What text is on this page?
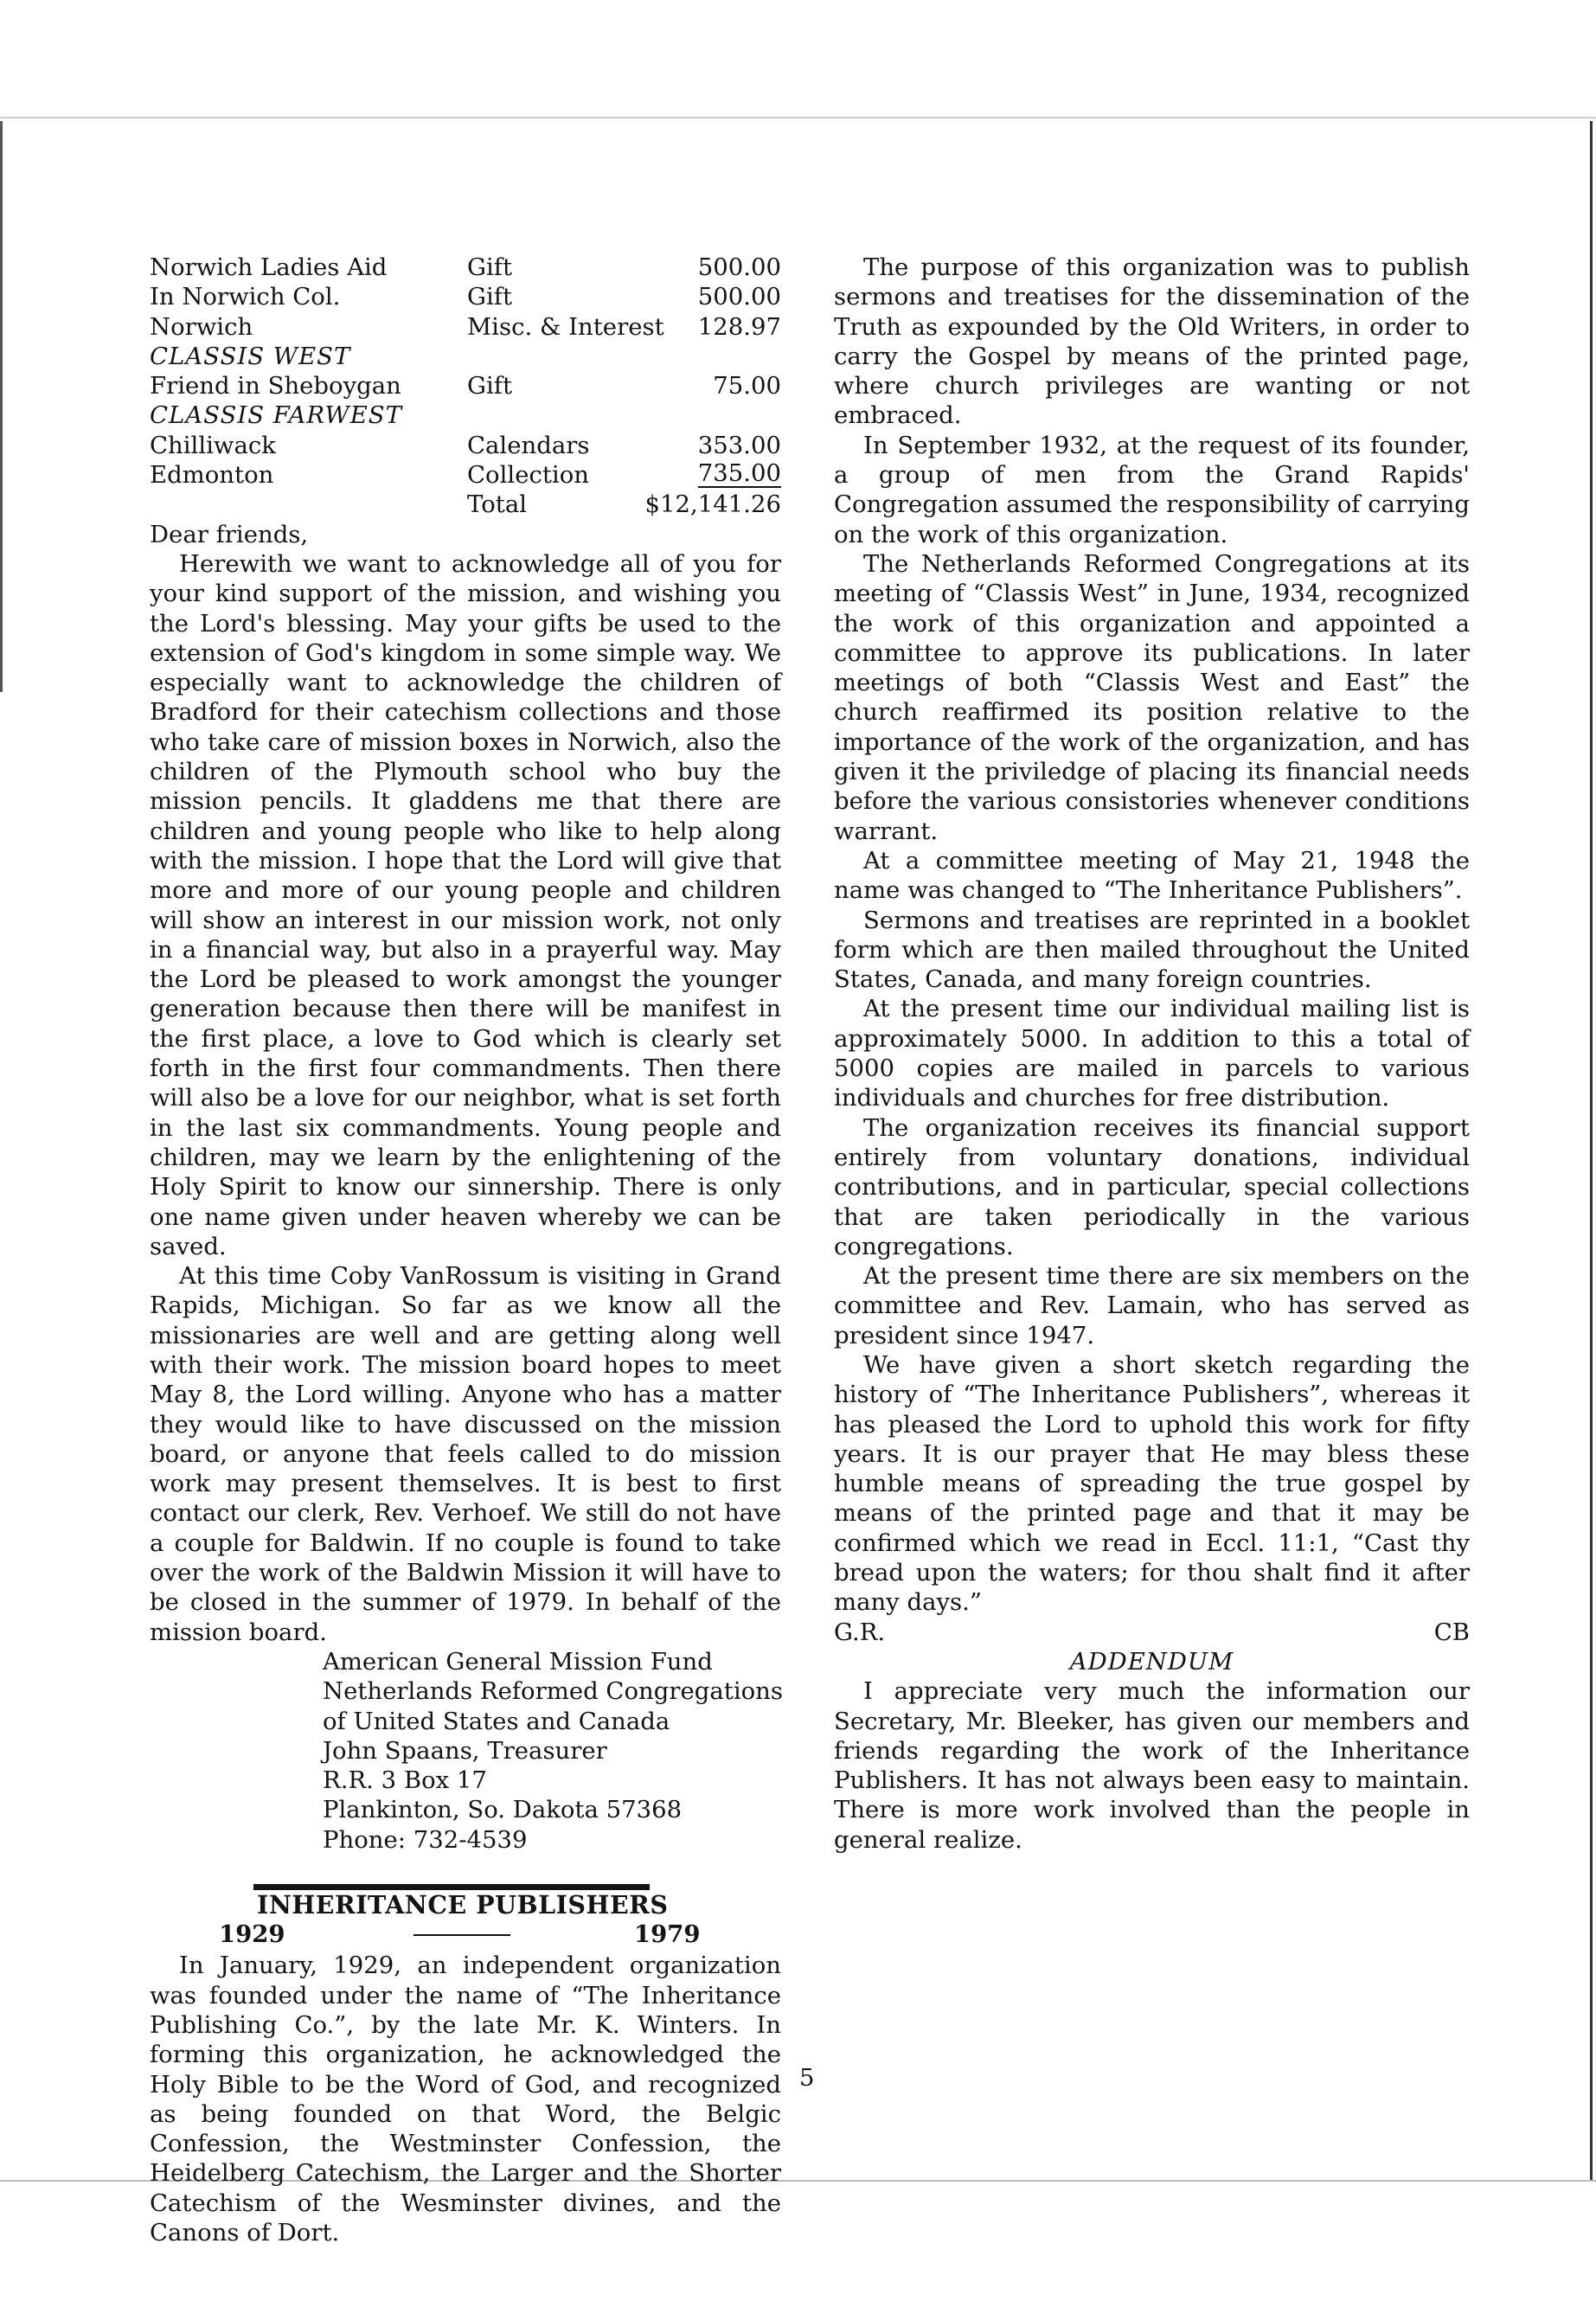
Norwich Ladies Aid	Gift	500.00
In Norwich Col.	Gift	500.00
Norwich	Misc. & Interest 128.97
CLASSIS WEST
Friend in Sheboygan	Gift	75.00
CLASSIS FARWEST
Chilliwack	Calendars	353.00
Edmonton	Collection	735.00
Total	$12,141.26

Dear friends,

Herewith we want to acknowledge all of you for your kind support of the mission, and wishing you the Lord's blessing. May your gifts be used to the extension of God's kingdom in some simple way. We especially want to acknowledge the children of Bradford for their catechism collections and those who take care of mission boxes in Norwich, also the children of the Plymouth school who buy the mission pencils. It gladdens me that there are children and young people who like to help along with the mission. I hope that the Lord will give that more and more of our young people and children will show an interest in our mission work, not only in a financial way, but also in a prayerful way. May the Lord be pleased to work amongst the younger generation because then there will be manifest in the first place, a love to God which is clearly set forth in the first four commandments. Then there will also be a love for our neighbor, what is set forth in the last six commandments. Young people and children, may we learn by the enlightening of the Holy Spirit to know our sinnership. There is only one name given under heaven whereby we can be saved.

At this time Coby VanRossum is visiting in Grand Rapids, Michigan. So far as we know all the missionaries are well and are getting along well with their work. The mission board hopes to meet May 8, the Lord willing. Anyone who has a matter they would like to have discussed on the mission board, or anyone that feels called to do mission work may present themselves. It is best to first contact our clerk, Rev. Verhoef. We still do not have a couple for Baldwin. If no couple is found to take over the work of the Baldwin Mission it will have to be closed in the summer of 1979. In behalf of the mission board.

American General Mission Fund
Netherlands Reformed Congregations
of United States and Canada
John Spaans, Treasurer
R.R. 3 Box 17
Plankinton, So. Dakota 57368
Phone: 732-4539
INHERITANCE PUBLISHERS
1929	1979

In January, 1929, an independent organization was founded under the name of “The Inheritance Publishing Co.”, by the late Mr. K. Winters. In forming this organization, he acknowledged the Holy Bible to be the Word of God, and recognized as being founded on that Word, the Belgic Confession, the Westminster Confession, the Heidelberg Catechism, the Larger and the Shorter Catechism of the Wesminster divines, and the Canons of Dort.

The purpose of this organization was to publish sermons and treatises for the dissemination of the Truth as expounded by the Old Writers, in order to carry the Gospel by means of the printed page, where church privileges are wanting or not embraced.

In September 1932, at the request of its founder, a group of men from the Grand Rapids' Congregation assumed the responsibility of carrying on the work of this organization.

The Netherlands Reformed Congregations at its meeting of “Classis West” in June, 1934, recognized the work of this organization and appointed a committee to approve its publications. In later meetings of both “Classis West and East” the church reaffirmed its position relative to the importance of the work of the organization, and has given it the priviledge of placing its financial needs before the various consistories whenever conditions warrant.

At a committee meeting of May 21, 1948 the name was changed to “The Inheritance Publishers”.

Sermons and treatises are reprinted in a booklet form which are then mailed throughout the United States, Canada, and many foreign countries.

At the present time our individual mailing list is approximately 5000. In addition to this a total of 5000 copies are mailed in parcels to various individuals and churches for free distribution.

The organization receives its financial support entirely from voluntary donations, individual contributions, and in particular, special collections that are taken periodically in the various congregations.

At the present time there are six members on the committee and Rev. Lamain, who has served as president since 1947.

We have given a short sketch regarding the history of “The Inheritance Publishers”, whereas it has pleased the Lord to uphold this work for fifty years. It is our prayer that He may bless these humble means of spreading the true gospel by means of the printed page and that it may be confirmed which we read in Eccl. 11:1, “Cast thy bread upon the waters; for thou shalt find it after many days.”

G.R.	CB
ADDENDUM

I appreciate very much the information our Secretary, Mr. Bleeker, has given our members and friends regarding the work of the Inheritance Publishers. It has not always been easy to maintain. There is more work involved than the people in general realize.

5
